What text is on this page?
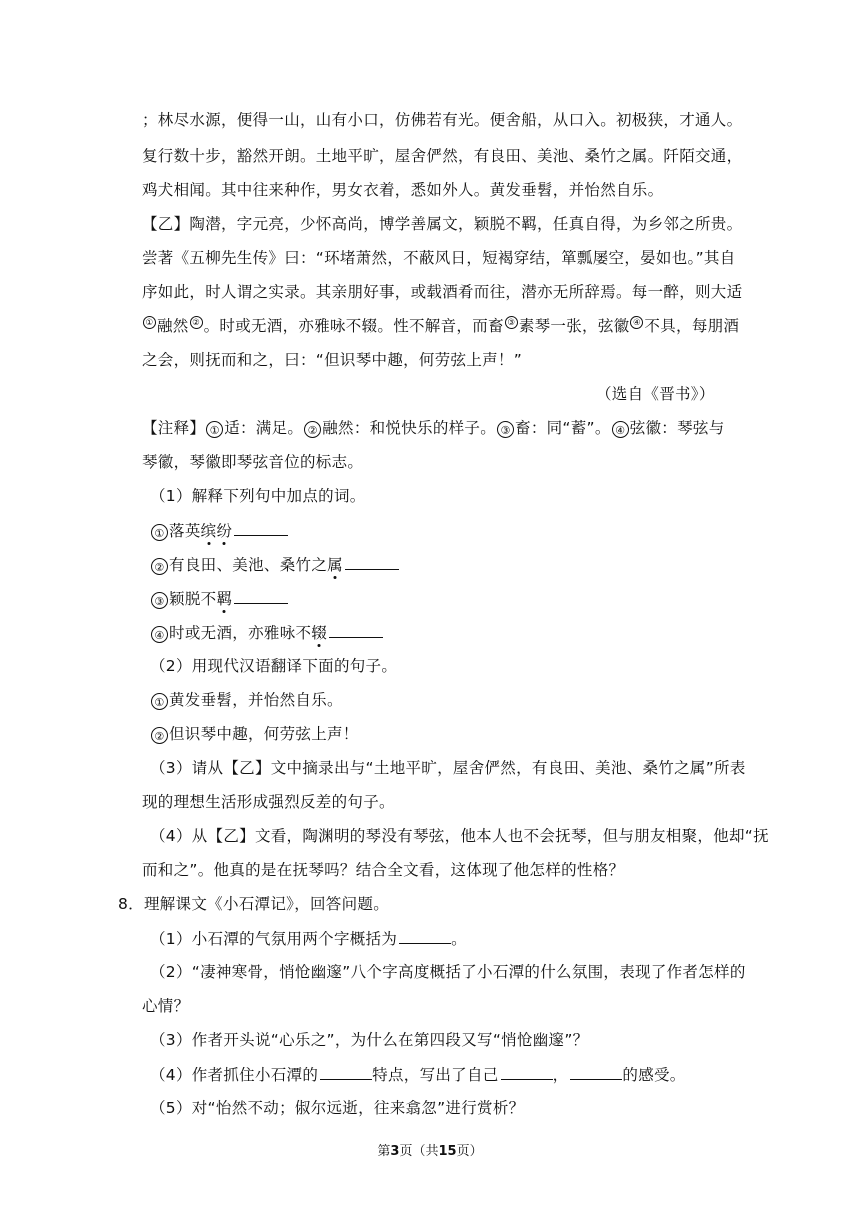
；林尽水源，便得一山，山有小口，仿佛若有光。便舍船，从口入。初极狭，才通人。
复行数十步，豁然开朗。土地平旷，屋舍俨然，有良田、美池、桑竹之属。阡陌交通，
鸡犬相闻。其中往来种作，男女衣着，悉如外人。黄发垂髫，并怡然自乐。
【乙】陶潜，字元亮，少怀高尚，博学善属文，颖脱不羁，任真自得，为乡邻之所贵。
尝著《五柳先生传》曰：“环堵萧然，不蔽风日，短褐穿结，箪瓢屡空，晏如也。”其自
序如此，时人谓之实录。其亲朋好事，或载酒肴而往，潜亦无所辞焉。每一醉，则大适
① 融然 ② 。时或无酒，亦雅咏不辍。性不解音，而畜 ③ 素琴一张，弦徽 ④ 不具，每朋酒
之会，则抚而和之，曰：“但识琴中趣，何劳弦上声！”
（选自《晋书》）
【注释】 ① 适：满足。 ② 融然：和悦快乐的样子。 ③ 畜：同“蓄”。 ④ 弦徽：琴弦与
琴徽，琴徽即琴弦音位的标志。
（1）解释下列句中加点的词。
① 落英缤纷
② 有良田、美池、桑竹之属
③ 颖脱不羁
④ 时或无酒，亦雅咏不辍
（2）用现代汉语翻译下面的句子。
① 黄发垂髫，并怡然自乐。
② 但识琴中趣，何劳弦上声！
（3）请从【乙】文中摘录出与“土地平旷，屋舍俨然，有良田、美池、桑竹之属”所表
现的理想生活形成强烈反差的句子。
（4）从【乙】文看，陶渊明的琴没有琴弦，他本人也不会抚琴，但与朋友相聚，他却“抚
而和之”。他真的是在抚琴吗？结合全文看，这体现了他怎样的性格？
8．理解课文《小石潭记》，回答问题。
（1）小石潭的气氛用两个字概括为	。
（2）“凄神寒骨，悄怆幽邃”八个字高度概括了小石潭的什么氛围，表现了作者怎样的
心情？
（3）作者开头说“心乐之”，为什么在第四段又写“悄怆幽邃”？
（4）作者抓住小石潭的	特点，写出了自己	，	的感受。
（5）对“怡然不动；俶尔远逝，往来翕忽”进行赏析？
第3页（共15页）
